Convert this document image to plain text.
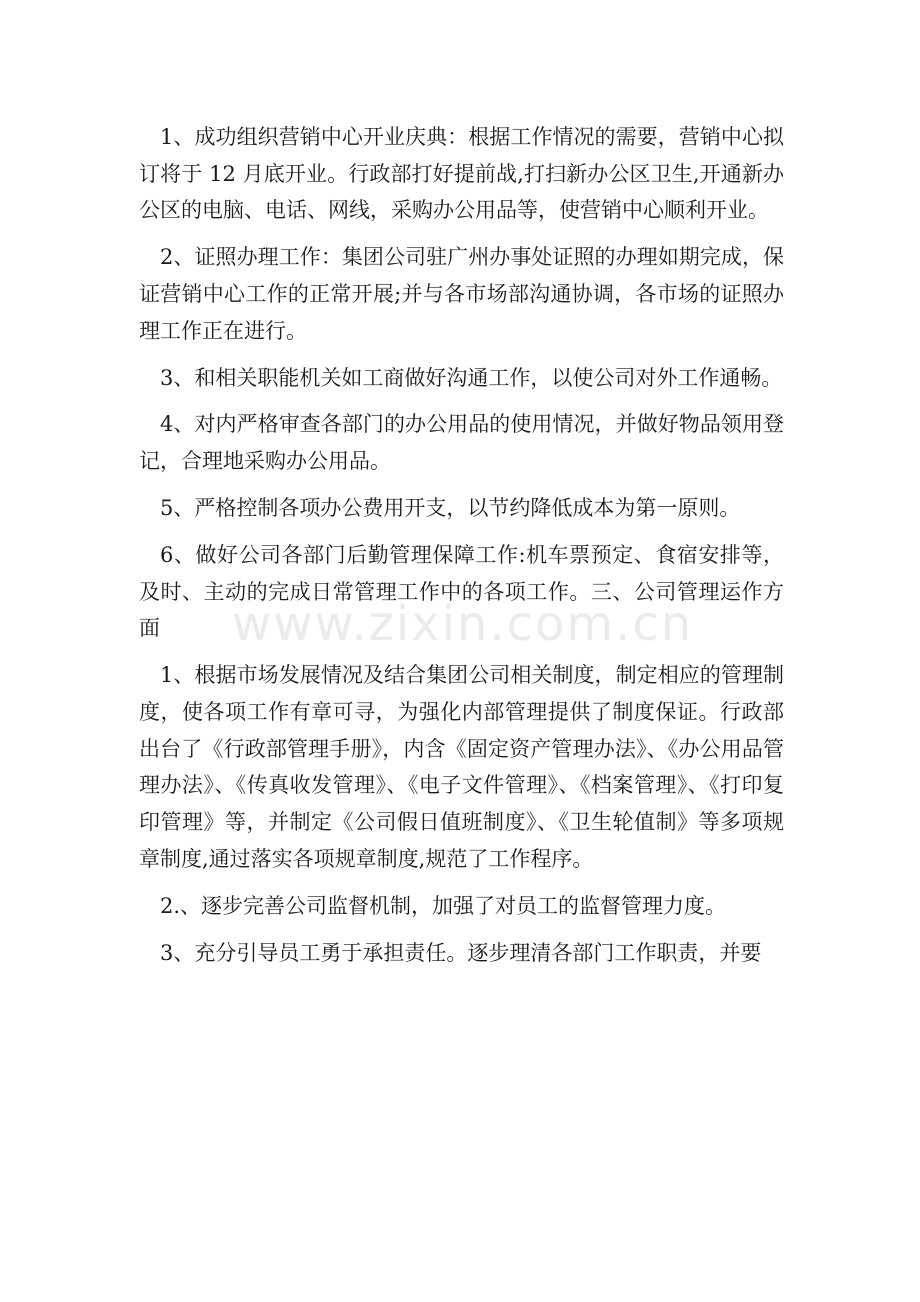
1、成功组织营销中心开业庆典：根据工作情况的需要，营销中心拟订将于 12 月底开业。行政部打好提前战,打扫新办公区卫生,开通新办公区的电脑、电话、网线，采购办公用品等，使营销中心顺利开业。

2、证照办理工作：集团公司驻广州办事处证照的办理如期完成，保证营销中心工作的正常开展;并与各市场部沟通协调，各市场的证照办理工作正在进行。

3、和相关职能机关如工商做好沟通工作，以使公司对外工作通畅。

4、对内严格审查各部门的办公用品的使用情况，并做好物品领用登记，合理地采购办公用品。

5、严格控制各项办公费用开支，以节约降低成本为第一原则。

6、做好公司各部门后勤管理保障工作:机车票预定、食宿安排等，及时、主动的完成日常管理工作中的各项工作。三、公司管理运作方面

1、根据市场发展情况及结合集团公司相关制度，制定相应的管理制度，使各项工作有章可寻，为强化内部管理提供了制度保证。行政部出台了《行政部管理手册》，内含《固定资产管理办法》、《办公用品管理办法》、《传真收发管理》、《电子文件管理》、《档案管理》、《打印复印管理》等，并制定《公司假日值班制度》、《卫生轮值制》等多项规章制度,通过落实各项规章制度,规范了工作程序。

2.、逐步完善公司监督机制，加强了对员工的监督管理力度。

3、充分引导员工勇于承担责任。逐步理清各部门工作职责，并要

www.zixin.com.cn
